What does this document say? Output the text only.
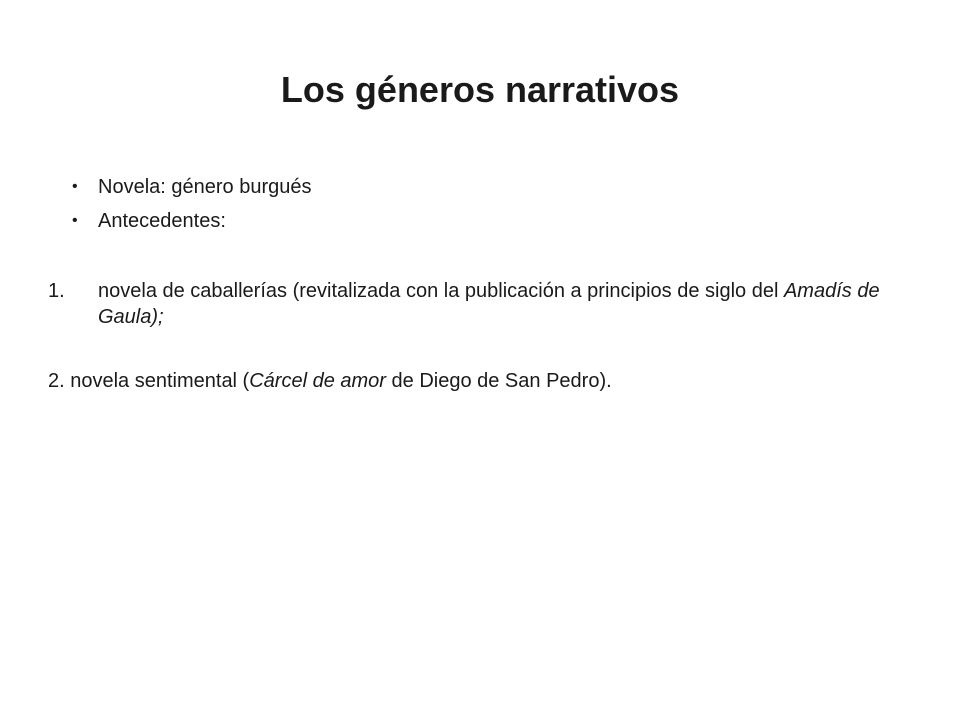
Los géneros narrativos
•	Novela: género burgués
•	Antecedentes:
1. novela de caballerías (revitalizada con la publicación a principios de siglo del Amadís de Gaula);
2. novela sentimental (Cárcel de amor de Diego de San Pedro).
